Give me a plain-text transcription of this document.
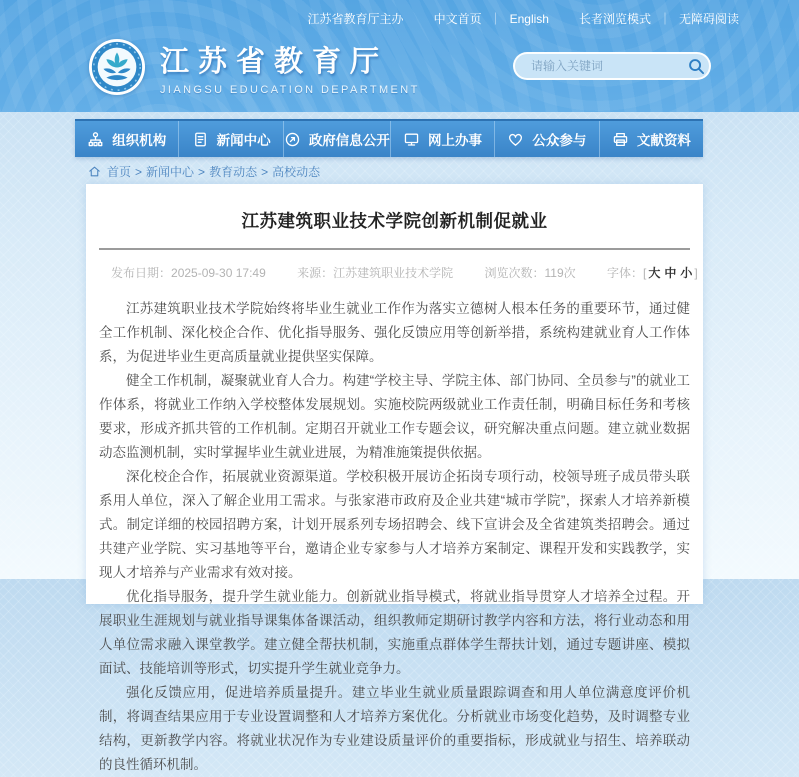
江苏省教育厅主办	中文首页 ｜ English	长者浏览模式 ｜ 无障碍阅读
江苏省教育厅
JIANGSU EDUCATION DEPARTMENT
请输入关键词
组织机构	新闻中心	政府信息公开	网上办事	公众参与	文献资料
首页 > 新闻中心 > 教育动态 > 高校动态
江苏建筑职业技术学院创新机制促就业
发布日期：2025-09-30 17:49	来源：江苏建筑职业技术学院	浏览次数：119次	字体：[ 大 中 小 ]

江苏建筑职业技术学院始终将毕业生就业工作作为落实立德树人根本任务的重要环节，通过健全工作机制、深化校企合作、优化指导服务、强化反馈应用等创新举措，系统构建就业育人工作体系，为促进毕业生更高质量就业提供坚实保障。

健全工作机制，凝聚就业育人合力。构建“学校主导、学院主体、部门协同、全员参与”的就业工作体系，将就业工作纳入学校整体发展规划。实施校院两级就业工作责任制，明确目标任务和考核要求，形成齐抓共管的工作机制。定期召开就业工作专题会议，研究解决重点问题。建立就业数据动态监测机制，实时掌握毕业生就业进展，为精准施策提供依据。

深化校企合作，拓展就业资源渠道。学校积极开展访企拓岗专项行动，校领导班子成员带头联系用人单位，深入了解企业用工需求。与张家港市政府及企业共建“城市学院”，探索人才培养新模式。制定详细的校园招聘方案，计划开展系列专场招聘会、线下宣讲会及全省建筑类招聘会。通过共建产业学院、实习基地等平台，邀请企业专家参与人才培养方案制定、课程开发和实践教学，实现人才培养与产业需求有效对接。

优化指导服务，提升学生就业能力。创新就业指导模式，将就业指导贯穿人才培养全过程。开展职业生涯规划与就业指导课集体备课活动，组织教师定期研讨教学内容和方法，将行业动态和用人单位需求融入课堂教学。建立健全帮扶机制，实施重点群体学生帮扶计划，通过专题讲座、模拟面试、技能培训等形式，切实提升学生就业竞争力。

强化反馈应用，促进培养质量提升。建立毕业生就业质量跟踪调查和用人单位满意度评价机制，将调查结果应用于专业设置调整和人才培养方案优化。分析就业市场变化趋势，及时调整专业结构，更新教学内容。将就业状况作为专业建设质量评价的重要指标，形成就业与招生、培养联动的良性循环机制。
